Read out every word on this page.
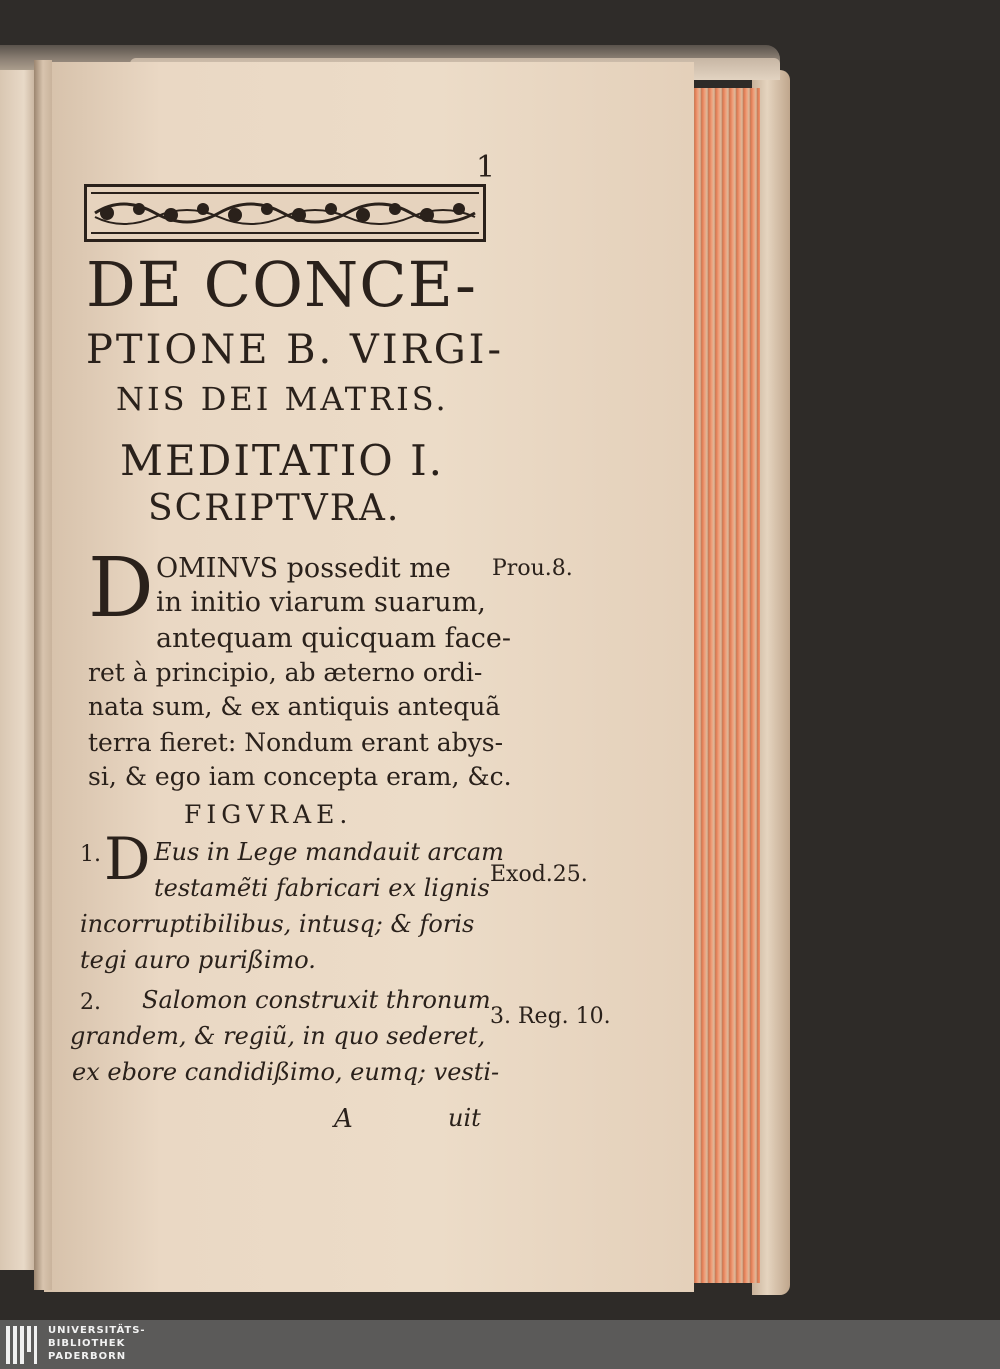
1
DE CONCE-
PTIONE B. VIRGI-
NIS DEI MATRIS.
MEDITATIO I.
SCRIPTVRA.
D OMINVS possedit me
in initio viarum suarum,
antequam quicquam face-
ret à principio, ab æterno ordi-
nata sum, & ex antiquis antequã
terra fieret: Nondum erant abys-
si, & ego iam concepta eram, &c.
Prou.8.
FIGVRAE.
1. D Eus in Lege mandauit arcam
testamẽti fabricari ex lignis
incorruptibilibus, intusq; & foris
tegi auro purißimo.
Exod.25.
2. Salomon construxit thronum
grandem, & regiũ, in quo sederet,
ex ebore candidißimo, eumq; vesti-
3. Reg. 10.
A	uit
UNIVERSITÄTS-
BIBLIOTHEK
PADERBORN
